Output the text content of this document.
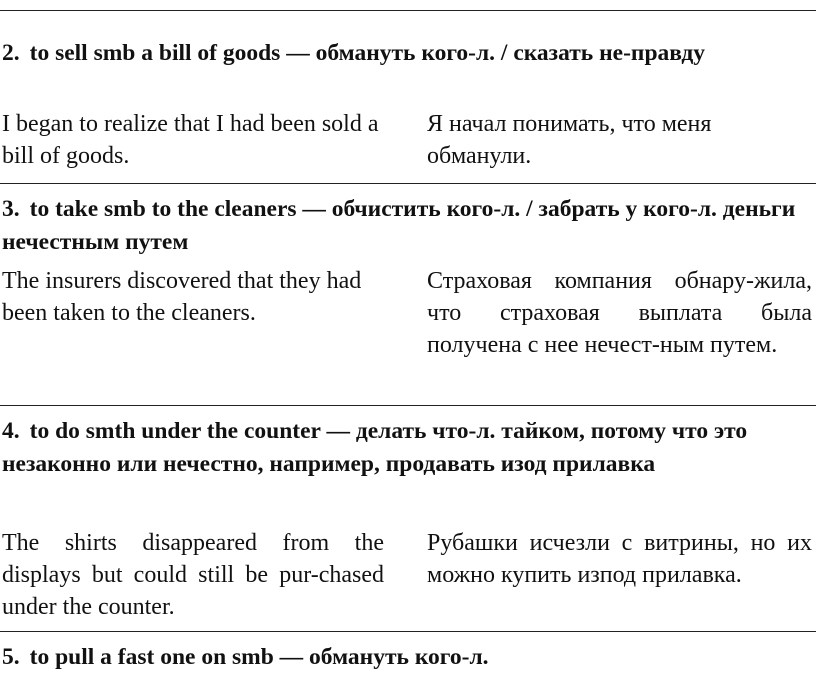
2. to sell smb a bill of goods — обмануть кого-л. / сказать не-правду

I began to realize that I had been sold a bill of goods.

Я начал понимать, что меня обманули.

3. to take smb to the cleaners — обчистить кого-л. / забрать у кого-л. деньги нечестным путем

The insurers discovered that they had been taken to the cleaners.

Страховая компания обнару-жила, что страховая выплата была получена с нее нечест-ным путем.

4. to do smth under the counter — делать что-л. тайком, потому что это незаконно или нечестно, например, продавать изод прилавка

The shirts disappeared from the displays but could still be pur-chased under the counter.

Рубашки исчезли с витрины, но их можно купить изпод прилавка.

5. to pull a fast one on smb — обмануть кого-л.
